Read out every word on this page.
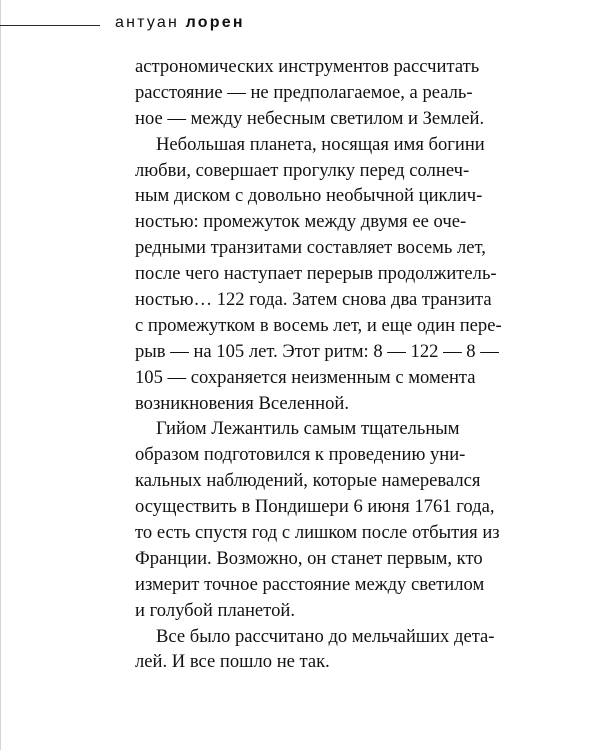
антуан лорен
астрономических инструментов рассчитать
расстояние — не предполагаемое, а реаль-
ное — между небесным светилом и Землей.
Небольшая планета, носящая имя богини
любви, совершает прогулку перед солнеч-
ным диском с довольно необычной циклич-
ностью: промежуток между двумя ее оче-
редными транзитами составляет восемь лет,
после чего наступает перерыв продолжитель-
ностью… 122 года. Затем снова два транзита
с промежутком в восемь лет, и еще один пере-
рыв — на 105 лет. Этот ритм: 8 — 122 — 8 —
105 — сохраняется неизменным с момента
возникновения Вселенной.
Гийом Лежантиль самым тщательным
образом подготовился к проведению уни-
кальных наблюдений, которые намеревался
осуществить в Пондишери 6 июня 1761 года,
то есть спустя год с лишком после отбытия из
Франции. Возможно, он станет первым, кто
измерит точное расстояние между светилом
и голубой планетой.
Все было рассчитано до мельчайших дета-
лей. И все пошло не так.
